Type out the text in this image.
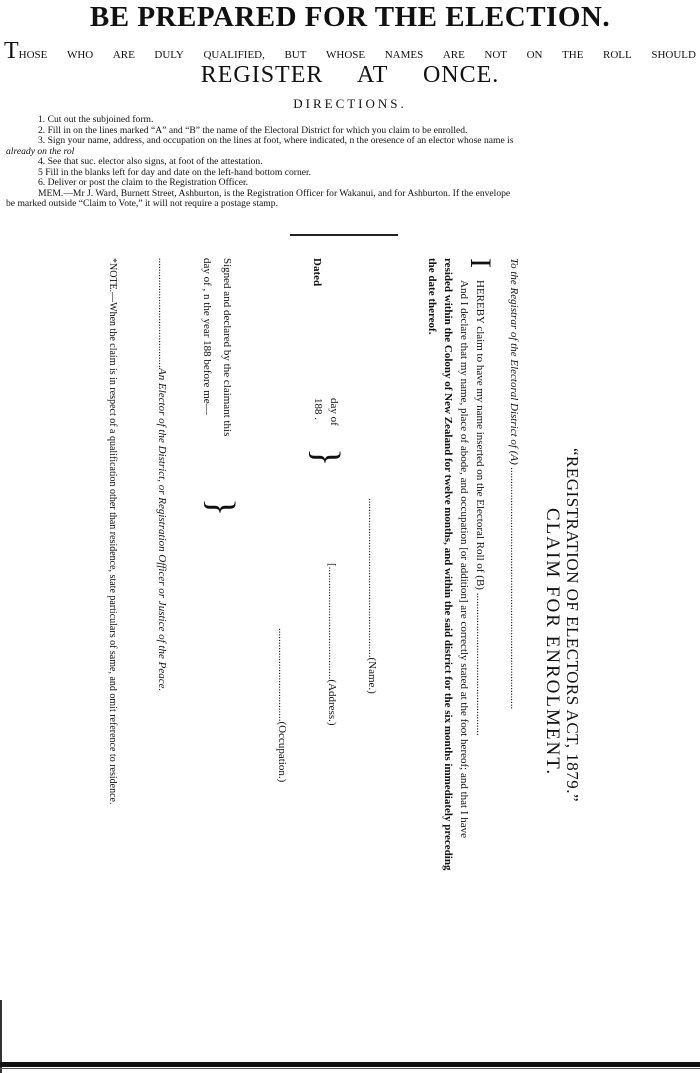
BE PREPARED FOR THE ELECTION.
THOSE WHO ARE DULY QUALIFIED, BUT WHOSE NAMES ARE NOT ON THE ROLL SHOULD
REGISTER AT ONCE.
DIRECTIONS.
1. Cut out the subjoined form.
2. Fill in on the lines marked “A” and “B” the name of the Electoral District for which you claim to be enrolled.
3. Sign your name, address, and occupation on the lines at foot, where indicated, n the oresence of an elector whose name is
already on the rol
4. See that suc. elector also signs, at foot of the attestation.
5 Fill in the blanks left for day and date on the left-hand bottom corner.
6. Deliver or post the claim to the Registration Officer.
MEM.—Mr J. Ward, Burnett Street, Ashburton, is the Registration Officer for Wakanui, and for Ashburton. If the envelope
be marked outside “Claim to Vote,” it will not require a postage stamp.
“REGISTRATION OF ELECTORS ACT, 1879.”
CLAIM FOR ENROLMENT.
To the Registrar of the Electoral District of (A) ........................................................................................
I
HEREBY claim to have my name inserted on the Electoral Roll of (B) ....................................................
And I declare that my name, place of abode, and occupation [or addition] are correctly stated at the foot hereof; and that I have
resided within the Colony of New Zealand for twelve months, and within the said district for the six months immediately preceding
the date thereof.
..........................................................(Name.)
Dated
day of
188 .
}
[.........................................(Address.)
..................................(Occupation.)
Signed and declared by the claimant this
day of , n the year 188 before me—
}
........................................An Elector of the District, or Registration Officer or Justice of the Peace.
*NOTE.—When the claim is in respect of a qualification other than residence, state particulars of same, and omit reference to residence.
